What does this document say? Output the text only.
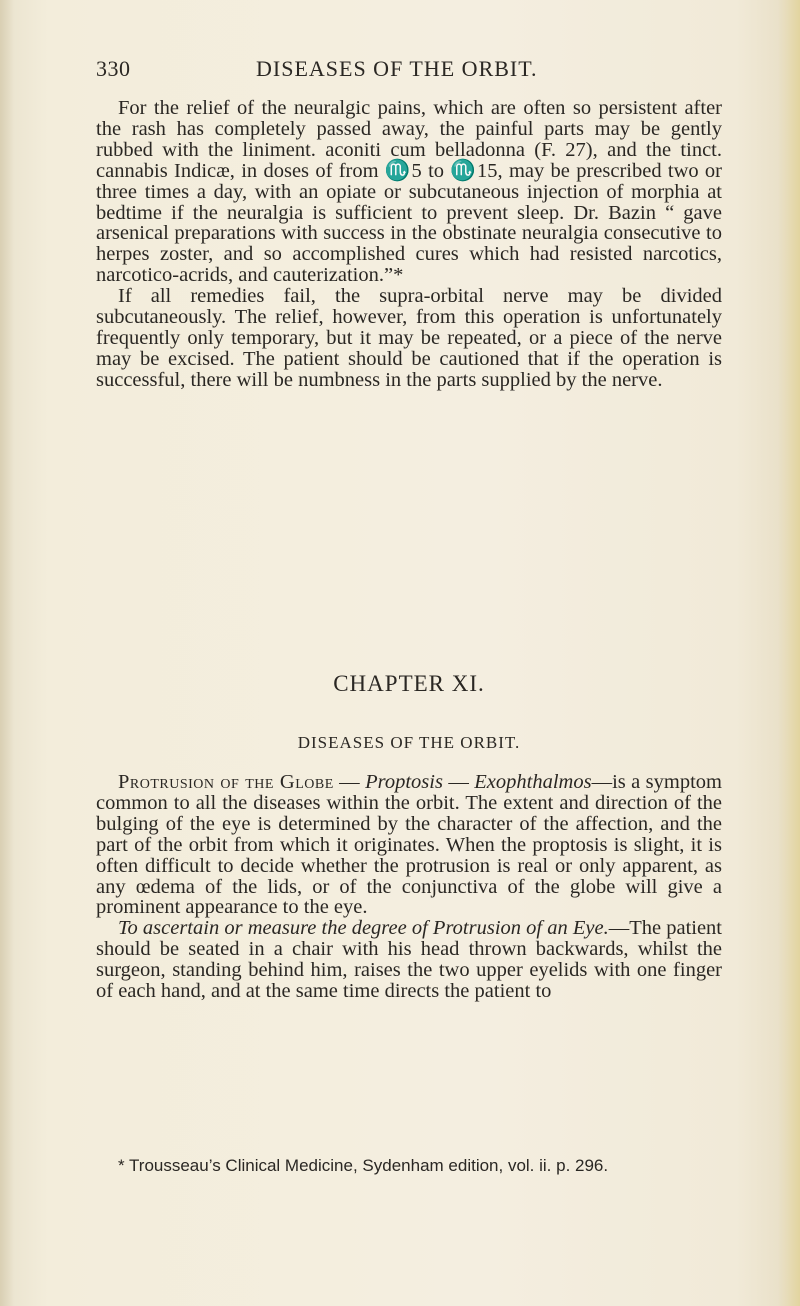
330	DISEASES OF THE ORBIT.

For the relief of the neuralgic pains, which are often so persistent after the rash has completely passed away, the painful parts may be gently rubbed with the liniment. aconiti cum belladonna (F. 27), and the tinct. cannabis Indicæ, in doses of from ♏5 to ♏15, may be prescribed two or three times a day, with an opiate or subcutaneous injection of morphia at bedtime if the neuralgia is sufficient to prevent sleep. Dr. Bazin “ gave arsenical preparations with success in the obstinate neuralgia consecutive to herpes zoster, and so accomplished cures which had resisted narcotics, narcotico-acrids, and cauterization.”*

If all remedies fail, the supra-orbital nerve may be divided subcutaneously. The relief, however, from this operation is unfortunately frequently only temporary, but it may be repeated, or a piece of the nerve may be excised. The patient should be cautioned that if the operation is successful, there will be numbness in the parts supplied by the nerve.

CHAPTER XI.
DISEASES OF THE ORBIT.

Protrusion of the Globe — Proptosis — Exophthalmos—is a symptom common to all the diseases within the orbit. The extent and direction of the bulging of the eye is determined by the character of the affection, and the part of the orbit from which it originates. When the proptosis is slight, it is often difficult to decide whether the protrusion is real or only apparent, as any œdema of the lids, or of the conjunctiva of the globe will give a prominent appearance to the eye.

To ascertain or measure the degree of Protrusion of an Eye.—The patient should be seated in a chair with his head thrown backwards, whilst the surgeon, standing behind him, raises the two upper eyelids with one finger of each hand, and at the same time directs the patient to

* Trousseau’s Clinical Medicine, Sydenham edition, vol. ii. p. 296.
